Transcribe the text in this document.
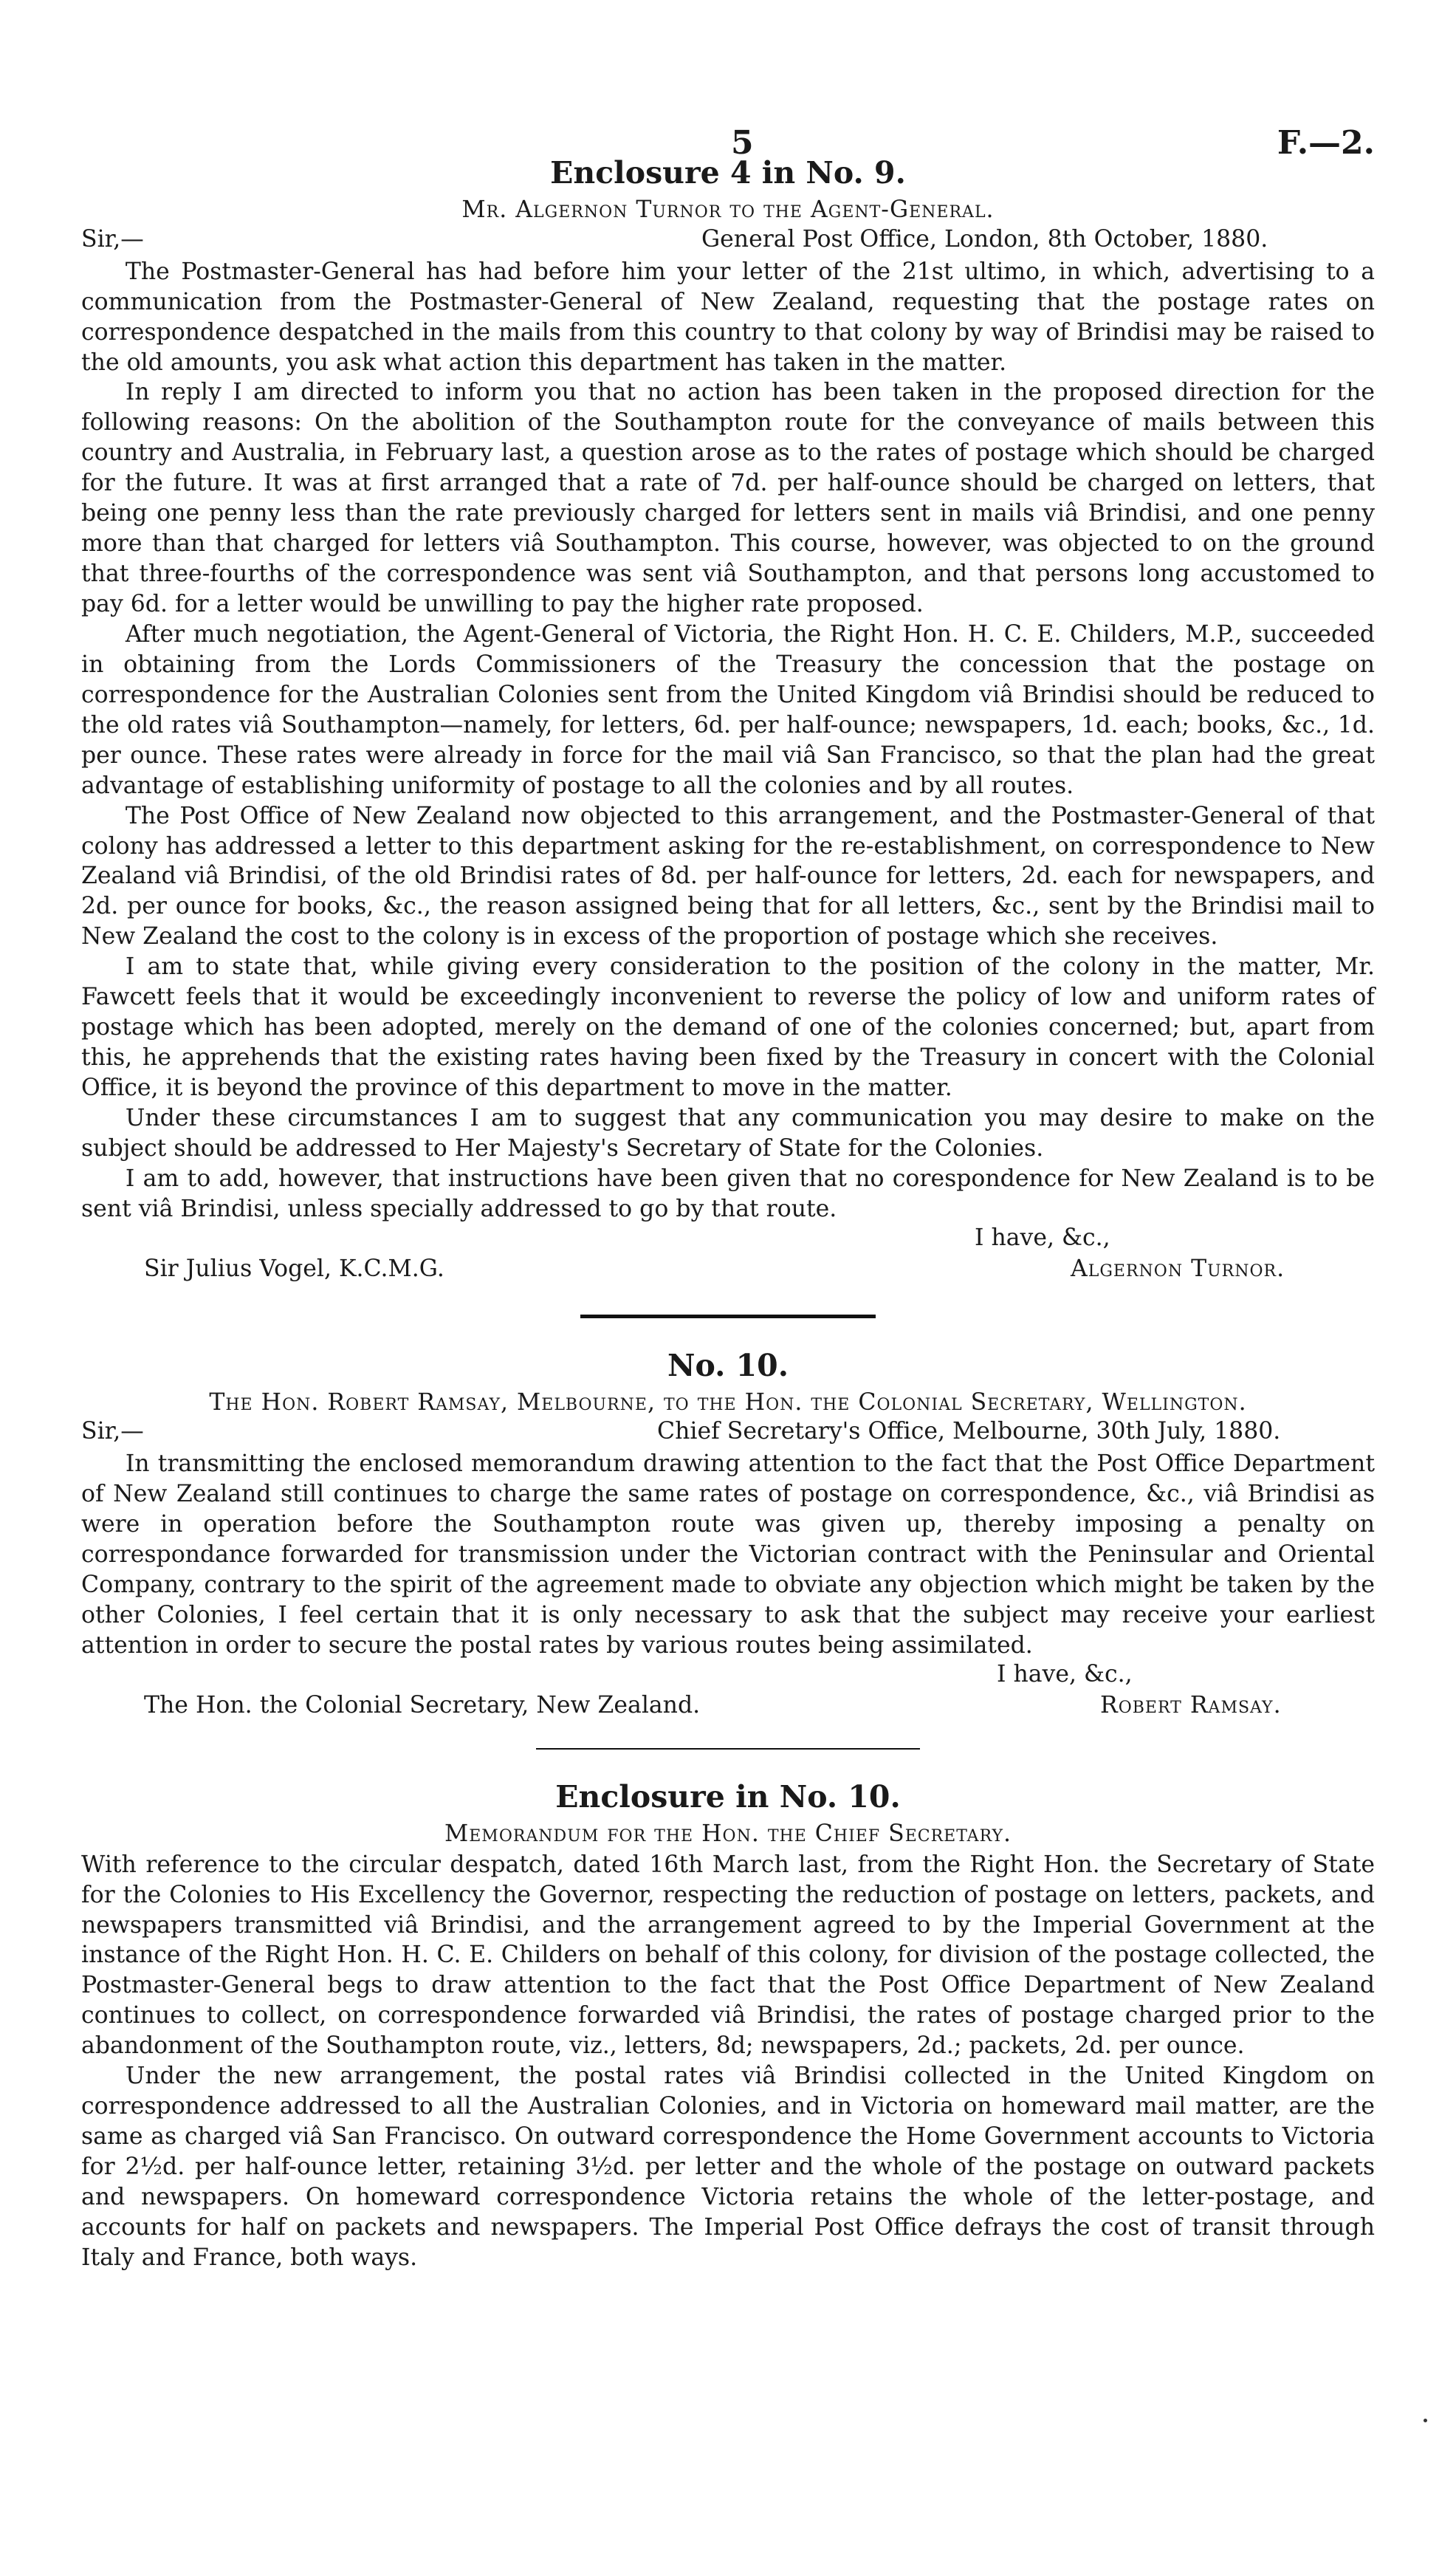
5	F.—2.
Enclosure 4 in No. 9.
Mr. Algernon Turnor to the Agent-General.
Sir,—	General Post Office, London, 8th October, 1880.

The Postmaster-General has had before him your letter of the 21st ultimo, in which, advertising to a communication from the Postmaster-General of New Zealand, requesting that the postage rates on correspondence despatched in the mails from this country to that colony by way of Brindisi may be raised to the old amounts, you ask what action this department has taken in the matter.

In reply I am directed to inform you that no action has been taken in the proposed direction for the following reasons: On the abolition of the Southampton route for the conveyance of mails between this country and Australia, in February last, a question arose as to the rates of postage which should be charged for the future. It was at first arranged that a rate of 7d. per half-ounce should be charged on letters, that being one penny less than the rate previously charged for letters sent in mails viâ Brindisi, and one penny more than that charged for letters viâ Southampton. This course, however, was objected to on the ground that three-fourths of the correspondence was sent viâ Southampton, and that persons long accustomed to pay 6d. for a letter would be unwilling to pay the higher rate proposed.

After much negotiation, the Agent-General of Victoria, the Right Hon. H. C. E. Childers, M.P., succeeded in obtaining from the Lords Commissioners of the Treasury the concession that the postage on correspondence for the Australian Colonies sent from the United Kingdom viâ Brindisi should be reduced to the old rates viâ Southampton—namely, for letters, 6d. per half-ounce; newspapers, 1d. each; books, &c., 1d. per ounce. These rates were already in force for the mail viâ San Francisco, so that the plan had the great advantage of establishing uniformity of postage to all the colonies and by all routes.

The Post Office of New Zealand now objected to this arrangement, and the Postmaster-General of that colony has addressed a letter to this department asking for the re-establishment, on correspondence to New Zealand viâ Brindisi, of the old Brindisi rates of 8d. per half-ounce for letters, 2d. each for newspapers, and 2d. per ounce for books, &c., the reason assigned being that for all letters, &c., sent by the Brindisi mail to New Zealand the cost to the colony is in excess of the proportion of postage which she receives.

I am to state that, while giving every consideration to the position of the colony in the matter, Mr. Fawcett feels that it would be exceedingly inconvenient to reverse the policy of low and uniform rates of postage which has been adopted, merely on the demand of one of the colonies concerned; but, apart from this, he apprehends that the existing rates having been fixed by the Treasury in concert with the Colonial Office, it is beyond the province of this department to move in the matter.

Under these circumstances I am to suggest that any communication you may desire to make on the subject should be addressed to Her Majesty's Secretary of State for the Colonies.

I am to add, however, that instructions have been given that no corespondence for New Zealand is to be sent viâ Brindisi, unless specially addressed to go by that route.

I have, &c.,
Sir Julius Vogel, K.C.M.G.	Algernon Turnor.
No. 10.
The Hon. Robert Ramsay, Melbourne, to the Hon. the Colonial Secretary, Wellington.
Sir,—	Chief Secretary's Office, Melbourne, 30th July, 1880.

In transmitting the enclosed memorandum drawing attention to the fact that the Post Office Department of New Zealand still continues to charge the same rates of postage on correspondence, &c., viâ Brindisi as were in operation before the Southampton route was given up, thereby imposing a penalty on correspondance forwarded for transmission under the Victorian contract with the Peninsular and Oriental Company, contrary to the spirit of the agreement made to obviate any objection which might be taken by the other Colonies, I feel certain that it is only necessary to ask that the subject may receive your earliest attention in order to secure the postal rates by various routes being assimilated.

I have, &c.,
The Hon. the Colonial Secretary, New Zealand.	Robert Ramsay.
Enclosure in No. 10.
Memorandum for the Hon. the Chief Secretary.

With reference to the circular despatch, dated 16th March last, from the Right Hon. the Secretary of State for the Colonies to His Excellency the Governor, respecting the reduction of postage on letters, packets, and newspapers transmitted viâ Brindisi, and the arrangement agreed to by the Imperial Government at the instance of the Right Hon. H. C. E. Childers on behalf of this colony, for division of the postage collected, the Postmaster-General begs to draw attention to the fact that the Post Office Department of New Zealand continues to collect, on correspondence forwarded viâ Brindisi, the rates of postage charged prior to the abandonment of the Southampton route, viz., letters, 8d; newspapers, 2d.; packets, 2d. per ounce.

Under the new arrangement, the postal rates viâ Brindisi collected in the United Kingdom on correspondence addressed to all the Australian Colonies, and in Victoria on homeward mail matter, are the same as charged viâ San Francisco. On outward correspondence the Home Government accounts to Victoria for 2½d. per half-ounce letter, retaining 3½d. per letter and the whole of the postage on outward packets and newspapers. On homeward correspondence Victoria retains the whole of the letter-postage, and accounts for half on packets and newspapers. The Imperial Post Office defrays the cost of transit through Italy and France, both ways.
